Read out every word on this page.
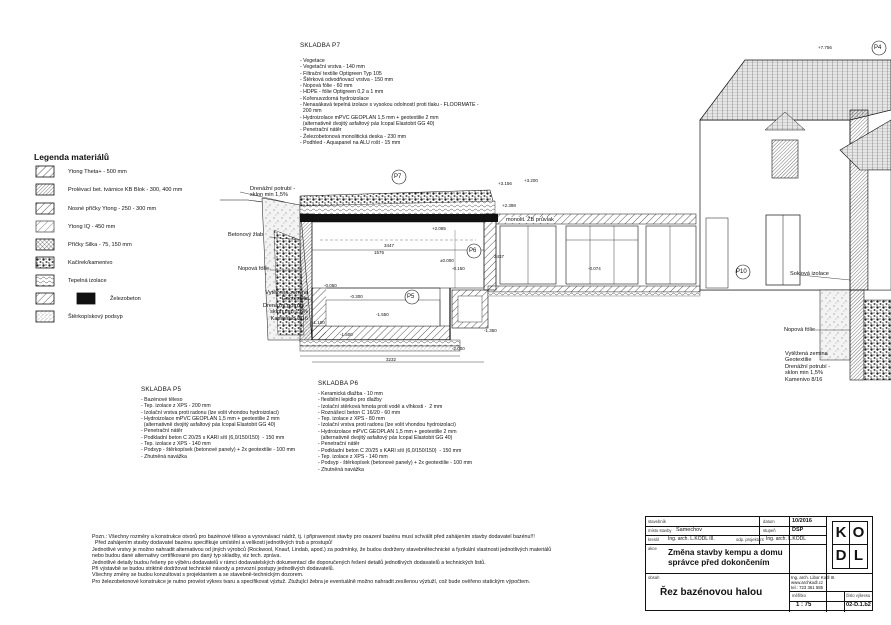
SKLADBA P7
- Vegetace
- Vegetační vrstva - 140 mm
- Filtrační textilie Optigreen Typ 105
- Štěrková odvodňovací vrstva - 150 mm
- Nopová fólie - 60 mm
- HDPE - fólie Optigreen 0,2 a 1 mm
- Kořenuvzdorná hydroizolace
- Nenasákavá tepelná izolace s vysokou odolností proti tlaku - FLOORMATE -
200 mm
- Hydroizolace mPVC GEOPLAN 1,5 mm + geotextilie 2 mm
(alternativně dvojitý asfaltový pás Icopal Elastobit GG 40)
- Penetrační nátěr
- Železobetonová monolitická deska - 230 mm
- Podhled - Aquapanel na ALU rošt - 15 mm
Legenda materiálů
Ytong Theta+ - 500 mm
Prolévací bet. tvárnice KB Blok - 300, 400 mm
Nosné příčky Ytong - 250 - 300 mm
Ytong IQ - 450 mm
Příčky Silka - 75, 150 mm
Kačírek/kamenivo
Tepelná izolace
Železobeton
Štěrkopískový podsyp
Drenážní potrubí -
sklon min 1,5%
Betonový žlab
Nopová fólie
Vytěžená zemina
Geotextilie
Drenážní potrubí -
sklon min 1,5%
Kamenivo 8/16
monolit. ŽB průvlak
Soklová izolace
Nopová fólie
Vytěžená zemina
Geotextilie
Drenážní potrubí -
sklon min 1,5%
Kamenivo 8/16
P7
P6
P5
P10
P4
3447
3232
1576
2437
±0.000
-0.150
-0.300
-1.550
-2.000
+3.200
+2.398
+2.085
-0.074
+7.756
+3.156
-1.100
-1.350
-1.500
-0.050
SKLADBA P5
- Bazénové těleso
- Tep. izolace z XPS - 200 mm
- Izolační vrstva proti radonu (lze volit vhondou hydroizolaci)
- Hydroizolace mPVC GEOPLAN 1,5 mm + geotextilie 2 mm
(alternativně dvojitý asfaltový pás Icopal Elastobit GG 40)
- Penetrační nátěr
- Podkladní beton C 20/25 s KARI sítí (6,0/150/150)  - 150 mm
- Tep. izolace z XPS - 140 mm
- Podsyp - štěrkopísek (betonové panely) + 2x geotextilie - 100 mm
- Zhutněná navážka
SKLADBA P6
- Keramická dlažba - 10 mm
- flexibilní lepidlo pro dlažby
- Izolační stěrková hmota proti vodě a vlhkosti -  2 mm
- Roznášecí beton C 16/20 - 60 mm
- Tep. izolace z XPS - 80 mm
- Izolační vrstva proti radonu (lze volit vhondou hydroizolaci)
- Hydroizolace mPVC GEOPLAN 1,5 mm + geotextilie 2 mm
(alternativně dvojitý asfaltový pás Icopal Elastobit GG 40)
- Penetrační nátěr
- Podkladní beton C 20/25 s KARI sítí (6,0/150/150)  - 150 mm
- Tep. izolace z XPS - 140 mm
- Podsyp - štěrkopísek (betonové panely) + 2x geotextilie - 100 mm
- Zhutněná navážka
Pozn.: Všechny rozměry a konstrukce otvorů pro bazénové těleso a vyrovnávací nádrž, tj. i připravenost stavby pro osazení bazénu musí schválit před zahájením stavby dodavatel bazénu!!!
Před zahájením stavby dodavatel bazénu specifikuje umístění a velikosti jednotlivých trub a prostupů!
Jednotlivé vrstvy je možno nahradit alternativou od jiných výrobců (Rockwool, Knauf, Lindab, apod.) za podmínky, že budou dodrženy stavebnětechnické a fyzikální vlastnosti jednotlivých materiálů
nebo budou dané alternativy certifikované pro daný typ skladby, viz tech. zpráva.
Jednotlivé detaily budou řešeny po výběru dodavatelů v rámci dodavatelských dokumentací dle doporučených řešení detailů jednotlivých dodavatelů a technických listů.
Při výstavbě se budou striktně dodržovat technické návody a provozní postupy jednotlivých dodavatelů.
Všechny změny se budou konzultovat s projektantem a se stavebně-technickým dozorem.
Pro železobetonové konstrukce je nutno provést výkres tvaru a specifikovat výztuž. Ztužující žebra je eventuálně možno nahradit zesílenou výztuží, což bude ověřeno statickým výpočtem.
stavebník
Samechov
místo stavby
kreslil Ing. arch. L.KODL III.	odp. projektant Ing. arch. L.KODL
datum	10/2016
stupeň	DSP
akce Změna stavby kempu a domu
správce před dokončením
obsah
Řez bazénovou halou
K O
D L
Ing. arch. Libor Kodl III.
www.archkodl.cz
tel.: 723 361 585
měřítko
1 : 75
číslo výkresu
02-D.1.b2
